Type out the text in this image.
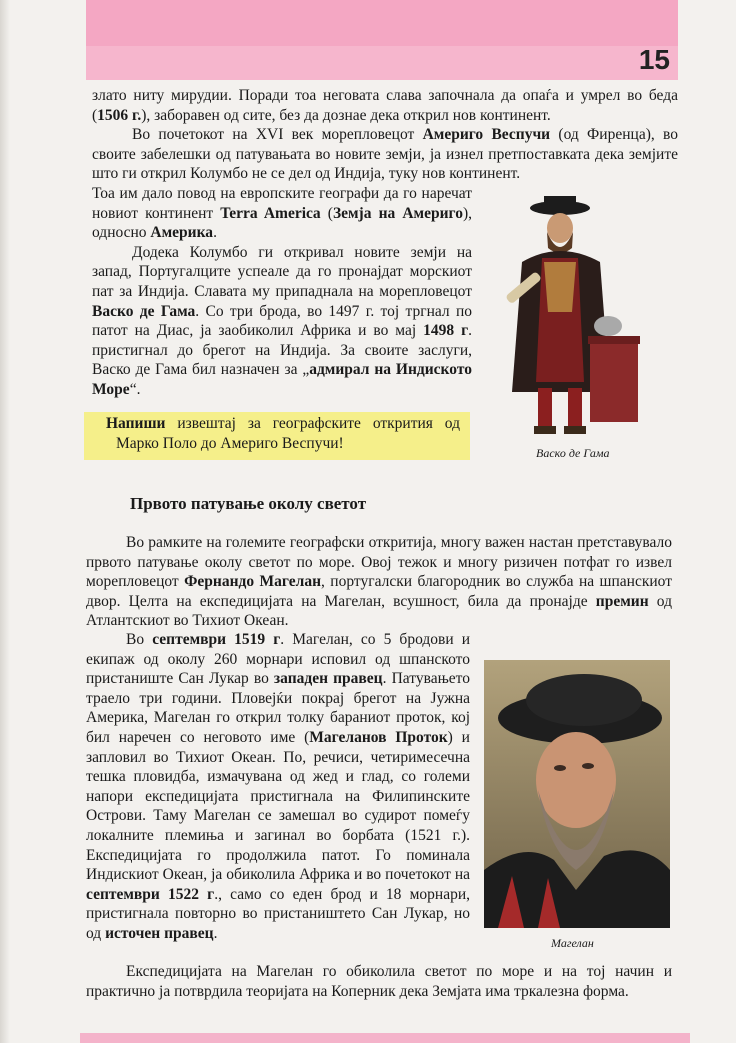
15

злато ниту мирудии. Поради тоа неговата слава започнала да опаѓа и умрел во беда (1506 г.), заборавен од сите, без да дознае дека открил нов континент.

Во почетокот на XVI век морепловецот Америго Веспучи (од Фиренца), во своите забелешки од патувањата во новите земји, ја изнел претпоставката дека земјите што ги открил Колумбо не се дел од Индија, туку нов континент.

Тоа им дало повод на европските географи да го наречат новиот континент Terra America (Земја на Америго), односно Америка.

Додека Колумбо ги откривал новите земји на запад, Португалците успеале да го пронајдат морскиот пат за Индија. Славата му припаднала на морепловецот Васко де Гама. Со три брода, во 1497 г. тој тргнал по патот на Диас, ја заобиколил Африка и во мај 1498 г. пристигнал до брегот на Индија. За своите заслуги, Васко де Гама бил назначен за „адмирал на Индиското Море“.

Напиши извештај за географските открития од Марко Поло до Америго Веспучи!

Васко де Гама
Првото патување околу светот

Во рамките на големите географски откритија, многу важен настан претставувало првото патување околу светот по море. Овој тежок и многу ризичен потфат го извел морепловецот Фернандо Магелан, португалски благородник во служба на шпанскиот двор. Целта на експедицијата на Магелан, всушност, била да пронајде премин од Атлантскиот во Тихиот Океан.

Во септември 1519 г. Магелан, со 5 бродови и екипаж од околу 260 морнари исповил од шпанското пристаниште Сан Лукар во западен правец. Патувањето траело три години. Пловејќи покрај брегот на Јужна Америка, Магелан го открил толку бараниот проток, кој бил наречен со неговото име (Магеланов Проток) и запловил во Тихиот Океан. По, речиси, четиримесечна тешка пловидба, измачувана од жед и глад, со големи напори експедицијата пристигнала на Филипинските Острови. Таму Магелан се замешал во судирот помеѓу локалните племиња и загинал во борбата (1521 г.). Експедицијата го продолжила патот. Го поминала Индискиот Океан, ја обиколила Африка и во почетокот на септември 1522 г., само со еден брод и 18 морнари, пристигнала повторно во пристаништето Сан Лукар, но од источен правец.

Магелан

Експедицијата на Магелан го обиколила светот по море и на тој начин и практично ја потврдила теоријата на Коперник дека Земјата има тркалезна форма.
